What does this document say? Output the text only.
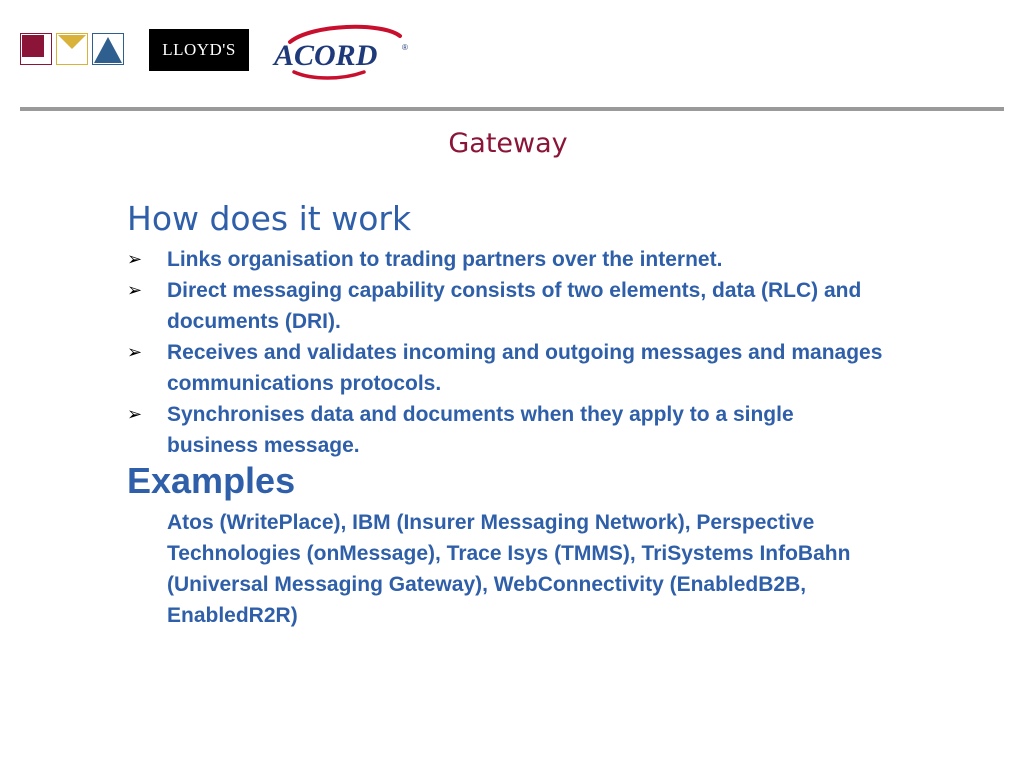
LLOYD'S ACORD	®
Gateway
How does it work
➢ Links organisation to trading partners over the internet.
➢ Direct messaging capability consists of two elements, data (RLC) and documents (DRI).
➢ Receives and validates incoming and outgoing messages and manages communications protocols.
➢ Synchronises data and documents when they apply to a single business message.
Examples
Atos (WritePlace), IBM (Insurer Messaging Network), Perspective Technologies (onMessage), Trace Isys (TMMS), TriSystems InfoBahn (Universal Messaging Gateway), WebConnectivity (EnabledB2B, EnabledR2R)
